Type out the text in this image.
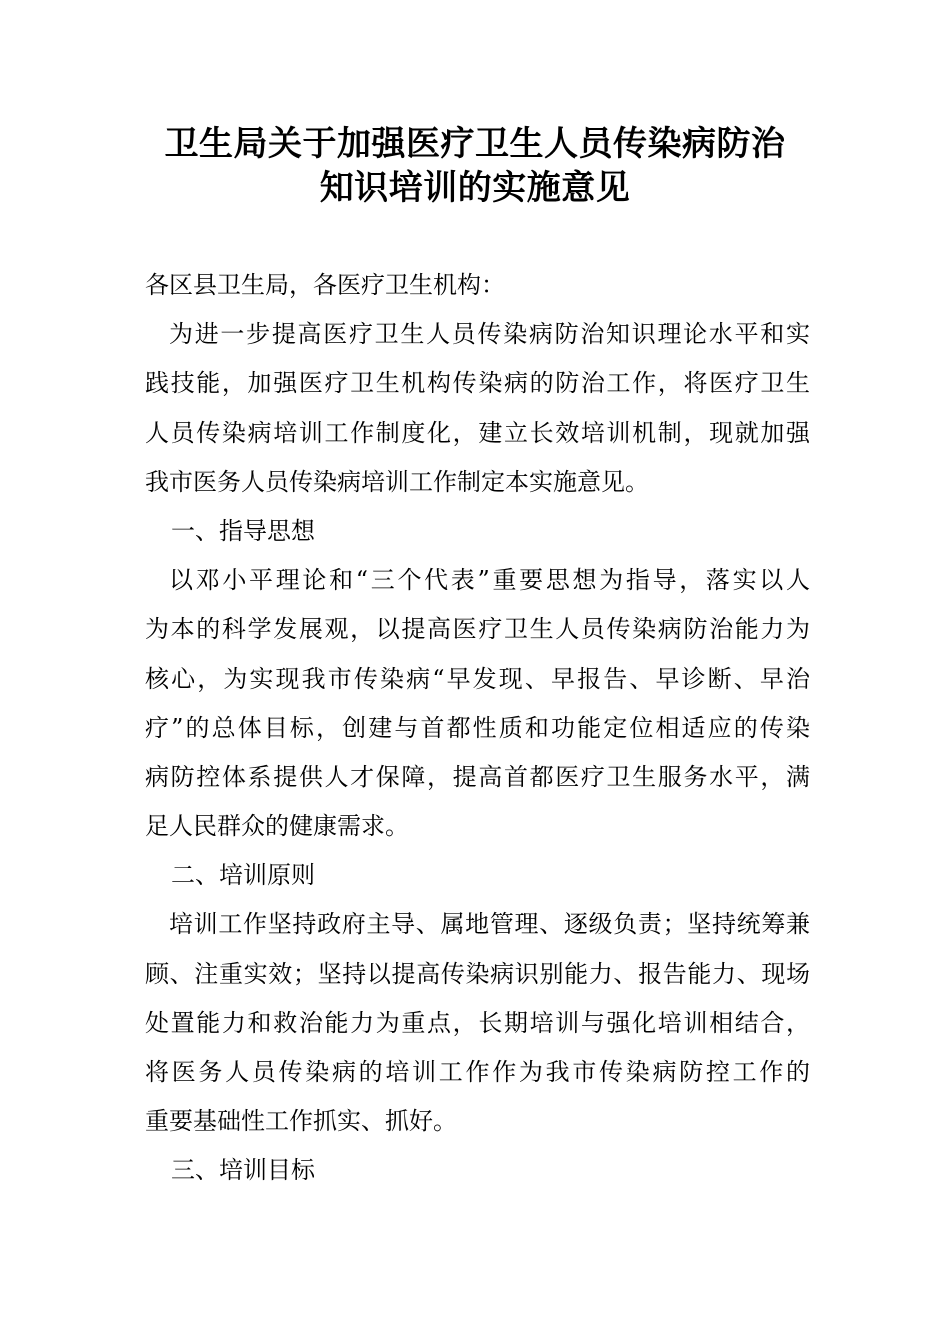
卫生局关于加强医疗卫生人员传染病防治
知识培训的实施意见
各区县卫生局，各医疗卫生机构：
为进一步提高医疗卫生人员传染病防治知识理论水平和实
践技能，加强医疗卫生机构传染病的防治工作，将医疗卫生
人员传染病培训工作制度化，建立长效培训机制，现就加强
我市医务人员传染病培训工作制定本实施意见。
一、指导思想
以邓小平理论和“三个代表”重要思想为指导，落实以人
为本的科学发展观，以提高医疗卫生人员传染病防治能力为
核心，为实现我市传染病“早发现、早报告、早诊断、早治
疗”的总体目标，创建与首都性质和功能定位相适应的传染
病防控体系提供人才保障，提高首都医疗卫生服务水平，满
足人民群众的健康需求。
二、培训原则
培训工作坚持政府主导、属地管理、逐级负责；坚持统筹兼
顾、注重实效；坚持以提高传染病识别能力、报告能力、现场
处置能力和救治能力为重点，长期培训与强化培训相结合，
将医务人员传染病的培训工作作为我市传染病防控工作的
重要基础性工作抓实、抓好。
三、培训目标
